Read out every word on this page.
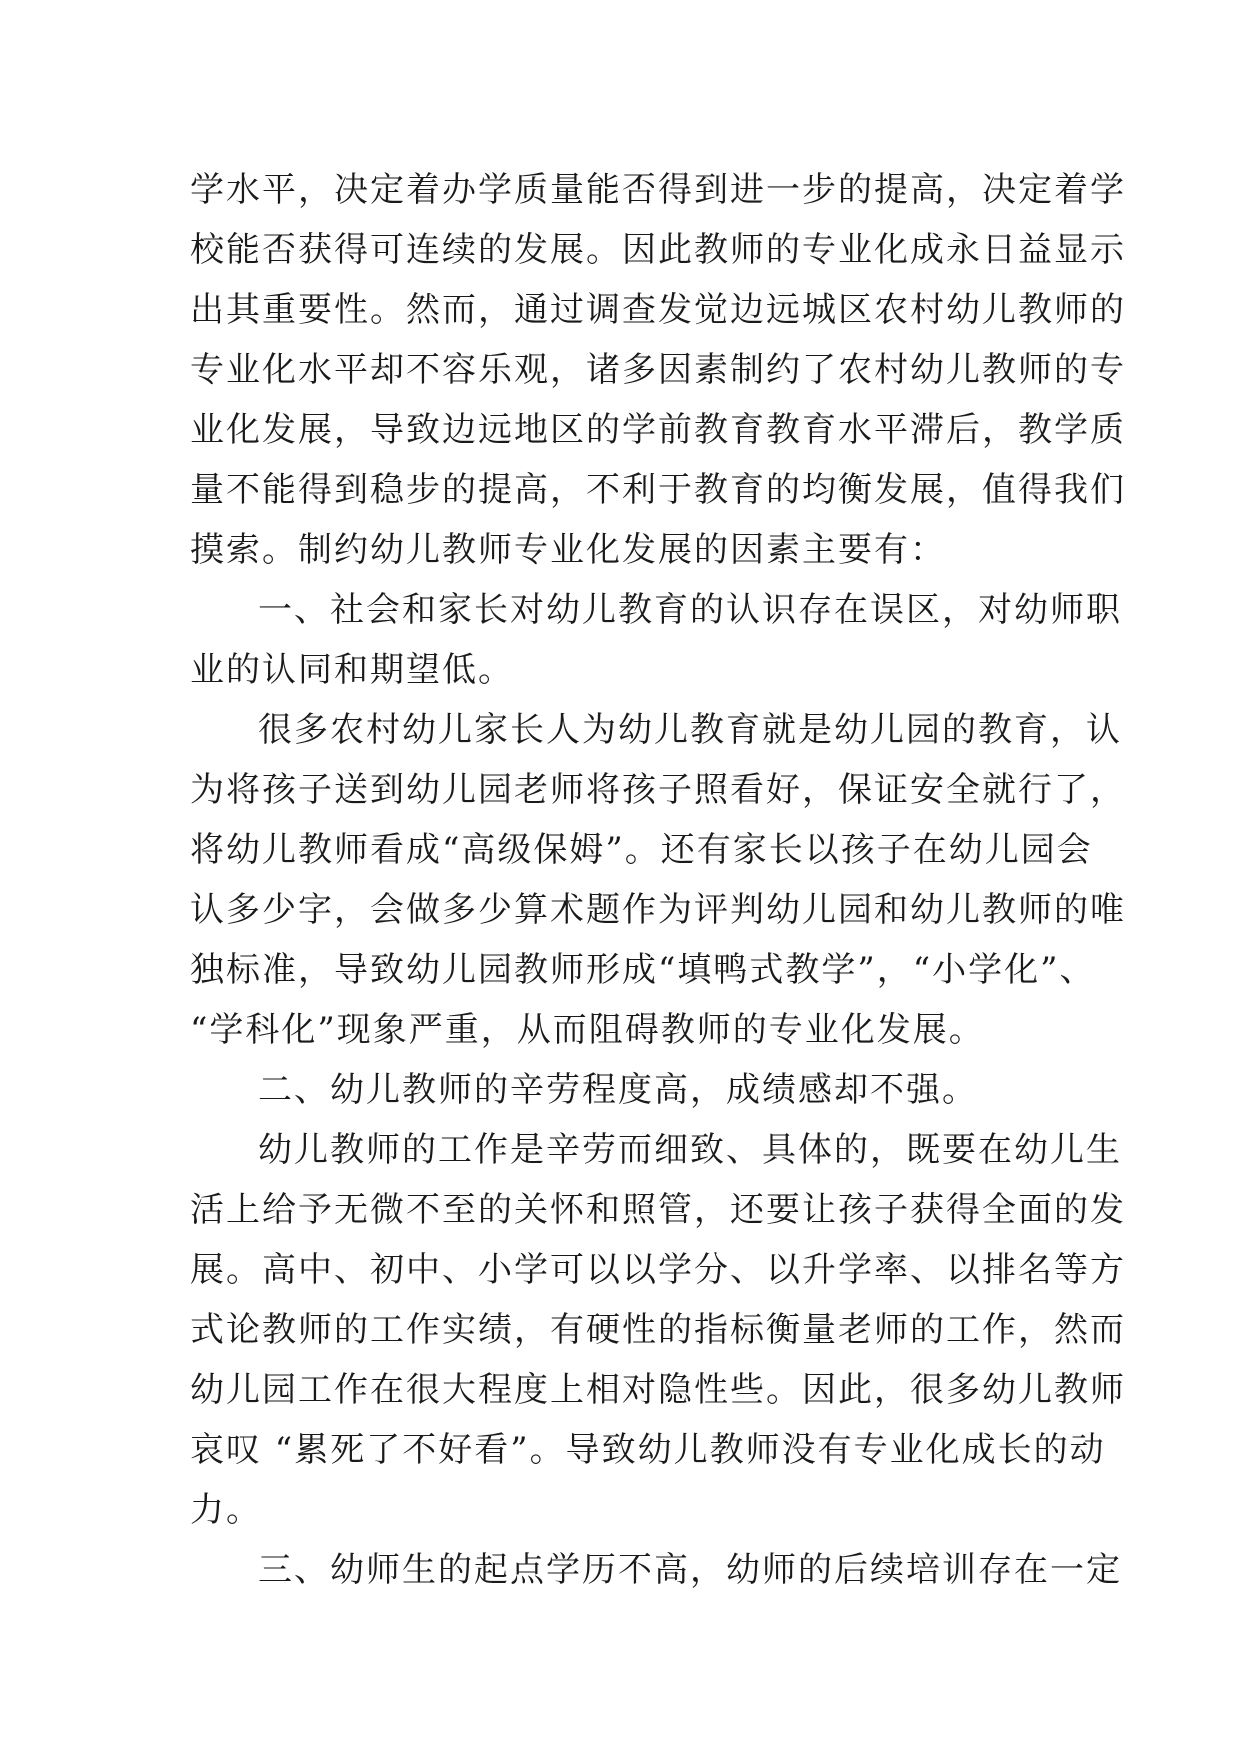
学水平，决定着办学质量能否得到进一步的提高，决定着学
校能否获得可连续的发展。因此教师的专业化成永日益显示
出其重要性。然而，通过调查发觉边远城区农村幼儿教师的
专业化水平却不容乐观，诸多因素制约了农村幼儿教师的专
业化发展，导致边远地区的学前教育教育水平滞后，教学质
量不能得到稳步的提高，不利于教育的均衡发展，值得我们
摸索。制约幼儿教师专业化发展的因素主要有：
一、社会和家长对幼儿教育的认识存在误区，对幼师职
业的认同和期望低。
很多农村幼儿家长人为幼儿教育就是幼儿园的教育，认
为将孩子送到幼儿园老师将孩子照看好，保证安全就行了，
将幼儿教师看成“高级保姆”。还有家长以孩子在幼儿园会
认多少字，会做多少算术题作为评判幼儿园和幼儿教师的唯
独标准，导致幼儿园教师形成“填鸭式教学”，“小学化”、
“学科化”现象严重，从而阻碍教师的专业化发展。
二、幼儿教师的辛劳程度高，成绩感却不强。
幼儿教师的工作是辛劳而细致、具体的，既要在幼儿生
活上给予无微不至的关怀和照管，还要让孩子获得全面的发
展。高中、初中、小学可以以学分、以升学率、以排名等方
式论教师的工作实绩，有硬性的指标衡量老师的工作，然而
幼儿园工作在很大程度上相对隐性些。因此，很多幼儿教师
哀叹 “累死了不好看”。导致幼儿教师没有专业化成长的动
力。
三、幼师生的起点学历不高，幼师的后续培训存在一定
